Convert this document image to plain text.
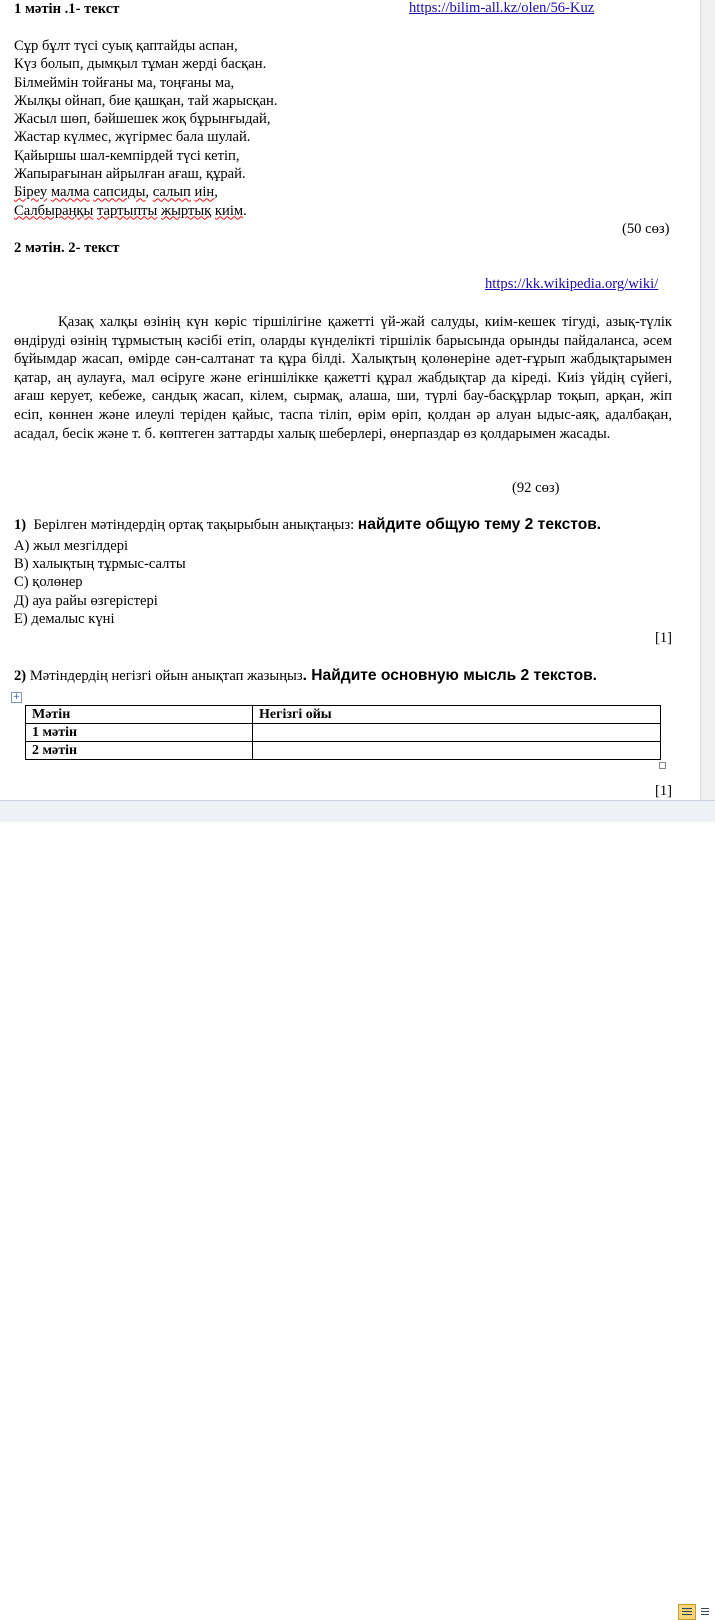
1 мәтін .1- текст	https://bilim-all.kz/olen/56-Kuz
Сұр бұлт түсі суық қаптайды аспан,
Күз болып, дымқыл тұман жерді басқан.
Білмеймін тойғаны ма, тоңғаны ма,
Жылқы ойнап, бие қашқан, тай жарысқан.
Жасыл шөп, бәйшешек жоқ бұрынғыдай,
Жастар күлмес, жүгірмес бала шулай.
Қайыршы шал-кемпірдей түсі кетіп,
Жапырағынан айрылған ағаш, құрай.
Біреу малма сапсиды, салып иін,
Салбыраңқы тартыпты жыртық киім.
(50 сөз)
2 мәтін. 2- текст
https://kk.wikipedia.org/wiki/

Қазақ халқы өзінің күн көріс тіршілігіне қажетті үй-жай салуды, киім-кешек тігуді, азық-түлік өндіруді өзінің тұрмыстың кәсібі етіп, оларды күнделікті тіршілік барысында орынды пайдаланса, әсем бұйымдар жасап, өмірде сән-салтанат та құра білді. Халықтың қолөнеріне әдет-ғұрып жабдықтарымен қатар, аң аулауға, мал өсіруге және егіншілікке қажетті құрал жабдықтар да кіреді. Киіз үйдің сүйегі, ағаш керует, кебеже, сандық жасап, кілем, сырмақ, алаша, ши, түрлі бау-басқұрлар тоқып, арқан, жіп есіп, көннен және илеулі теріден қайыс, таспа тіліп, өрім өріп, қолдан әр алуан ыдыс-аяқ, адалбақан, асадал, бесік және т. б. көптеген заттарды халық шеберлері, өнерпаздар өз қолдарымен жасады.

(92 сөз)
1) Берілген мәтіндердің ортақ тақырыбын анықтаңыз: найдите общую тему 2 текстов.
А) жыл мезгілдері
В) халықтың тұрмыс-салты
С) қолөнер
Д) ауа райы өзгерістері
Е) демалыс күні
[1]
2) Мәтіндердің негізгі ойын анықтап жазыңыз. Найдите основную мысль 2 текстов.
+
Мәтін	Негізгі ойы
1 мәтін	
2 мәтін	
[1]
